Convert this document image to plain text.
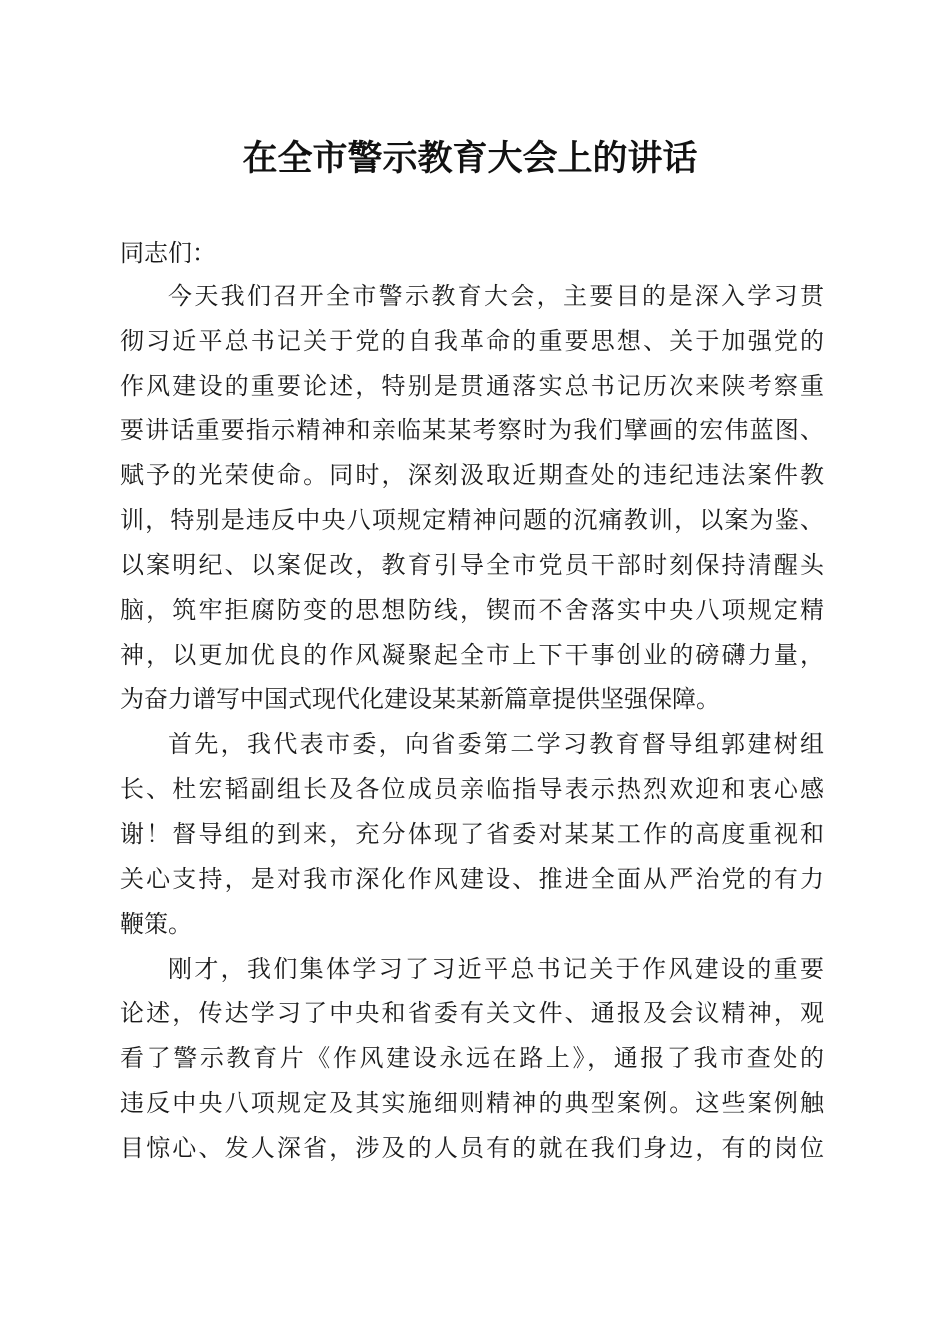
在全市警示教育大会上的讲话
同志们：
今天我们召开全市警示教育大会，主要目的是深入学习贯
彻习近平总书记关于党的自我革命的重要思想、关于加强党的
作风建设的重要论述，特别是贯通落实总书记历次来陕考察重
要讲话重要指示精神和亲临某某考察时为我们擘画的宏伟蓝图、
赋予的光荣使命。同时，深刻汲取近期查处的违纪违法案件教
训，特别是违反中央八项规定精神问题的沉痛教训，以案为鉴、
以案明纪、以案促改，教育引导全市党员干部时刻保持清醒头
脑，筑牢拒腐防变的思想防线，锲而不舍落实中央八项规定精
神，以更加优良的作风凝聚起全市上下干事创业的磅礴力量，
为奋力谱写中国式现代化建设某某新篇章提供坚强保障。
首先，我代表市委，向省委第二学习教育督导组郭建树组
长、杜宏韬副组长及各位成员亲临指导表示热烈欢迎和衷心感
谢！督导组的到来，充分体现了省委对某某工作的高度重视和
关心支持，是对我市深化作风建设、推进全面从严治党的有力
鞭策。
刚才，我们集体学习了习近平总书记关于作风建设的重要
论述，传达学习了中央和省委有关文件、通报及会议精神，观
看了警示教育片《作风建设永远在路上》，通报了我市查处的
违反中央八项规定及其实施细则精神的典型案例。这些案例触
目惊心、发人深省，涉及的人员有的就在我们身边，有的岗位
